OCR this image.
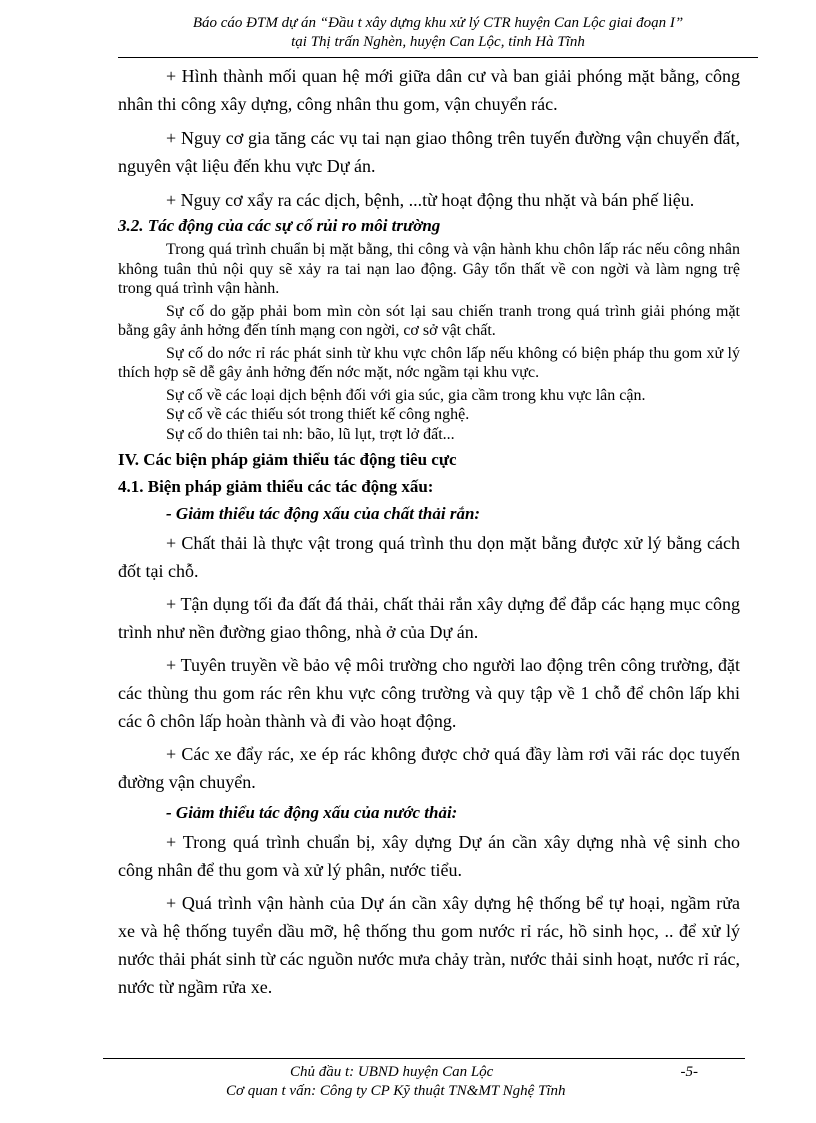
Báo cáo ĐTM dự án “Đầu t xây dựng khu xử lý CTR huyện Can Lộc giai đoạn I”
tại Thị trấn Nghèn, huyện Can Lộc, tỉnh Hà Tĩnh

+ Hình thành mối quan hệ mới giữa dân cư và ban giải phóng mặt bằng, công nhân thi công xây dựng, công nhân thu gom, vận chuyển rác.

+ Nguy cơ gia tăng các vụ tai nạn giao thông trên tuyến đường vận chuyển đất, nguyên vật liệu đến khu vực Dự án.

+ Nguy cơ xẩy ra các dịch, bệnh, ...từ hoạt động thu nhặt và bán phế liệu.

3.2. Tác động của các sự cố rủi ro môi trường

Trong quá trình chuẩn bị mặt bằng, thi công và vận hành khu chôn lấp rác nếu công nhân không tuân thủ nội quy sẽ xảy ra tai nạn lao động. Gây tổn thất về con ngời và làm ngng trệ trong quá trình vận hành.

Sự cố do gặp phải bom mìn còn sót lại sau chiến tranh trong quá trình giải phóng mặt bằng gây ảnh hởng đến tính mạng con ngời, cơ sở vật chất.

Sự cố do nớc rỉ rác phát sinh từ khu vực chôn lấp nếu không có biện pháp thu gom xử lý thích hợp sẽ dễ gây ảnh hởng đến nớc mặt, nớc ngầm tại khu vực.

Sự cố về các loại dịch bệnh đối với gia súc, gia cầm trong khu vực lân cận.

Sự cố về các thiếu sót trong thiết kế công nghệ.

Sự cố do thiên tai nh: bão, lũ lụt, trợt lở đất...

IV. Các biện pháp giảm thiểu tác động tiêu cực

4.1. Biện pháp giảm thiểu các tác động xấu:

- Giảm thiểu tác động xấu của chất thải rắn:

+ Chất thải là thực vật trong quá trình thu dọn mặt bằng được xử lý bằng cách đốt tại chỗ.

+ Tận dụng tối đa đất đá thải, chất thải rắn xây dựng để đắp các hạng mục công trình như nền đường giao thông, nhà ở của Dự án.

+ Tuyên truyền về bảo vệ môi trường cho người lao động trên công trường, đặt các thùng thu gom rác rên khu vực công trường và quy tập về 1 chỗ để chôn lấp khi các ô chôn lấp hoàn thành và đi vào hoạt động.

+ Các xe đẩy rác, xe ép rác không được chở quá đầy làm rơi vãi rác dọc tuyến đường vận chuyển.

- Giảm thiểu tác động xấu của nước thải:

+ Trong quá trình chuẩn bị, xây dựng Dự án cần xây dựng nhà vệ sinh cho công nhân để thu gom và xử lý phân, nước tiểu.

+ Quá trình vận hành của Dự án cần xây dựng hệ thống bể tự hoại, ngầm rửa xe và hệ thống tuyển dầu mỡ, hệ thống thu gom nước rỉ rác, hồ sinh học, .. để xử lý nước thải phát sinh từ các nguồn nước mưa chảy tràn, nước thải sinh hoạt, nước rỉ rác, nước từ ngầm rửa xe.

Chủ đầu t: UBND huyện Can Lộc	-5-
Cơ quan t vấn: Công ty CP Kỹ thuật TN&MT Nghệ Tĩnh
